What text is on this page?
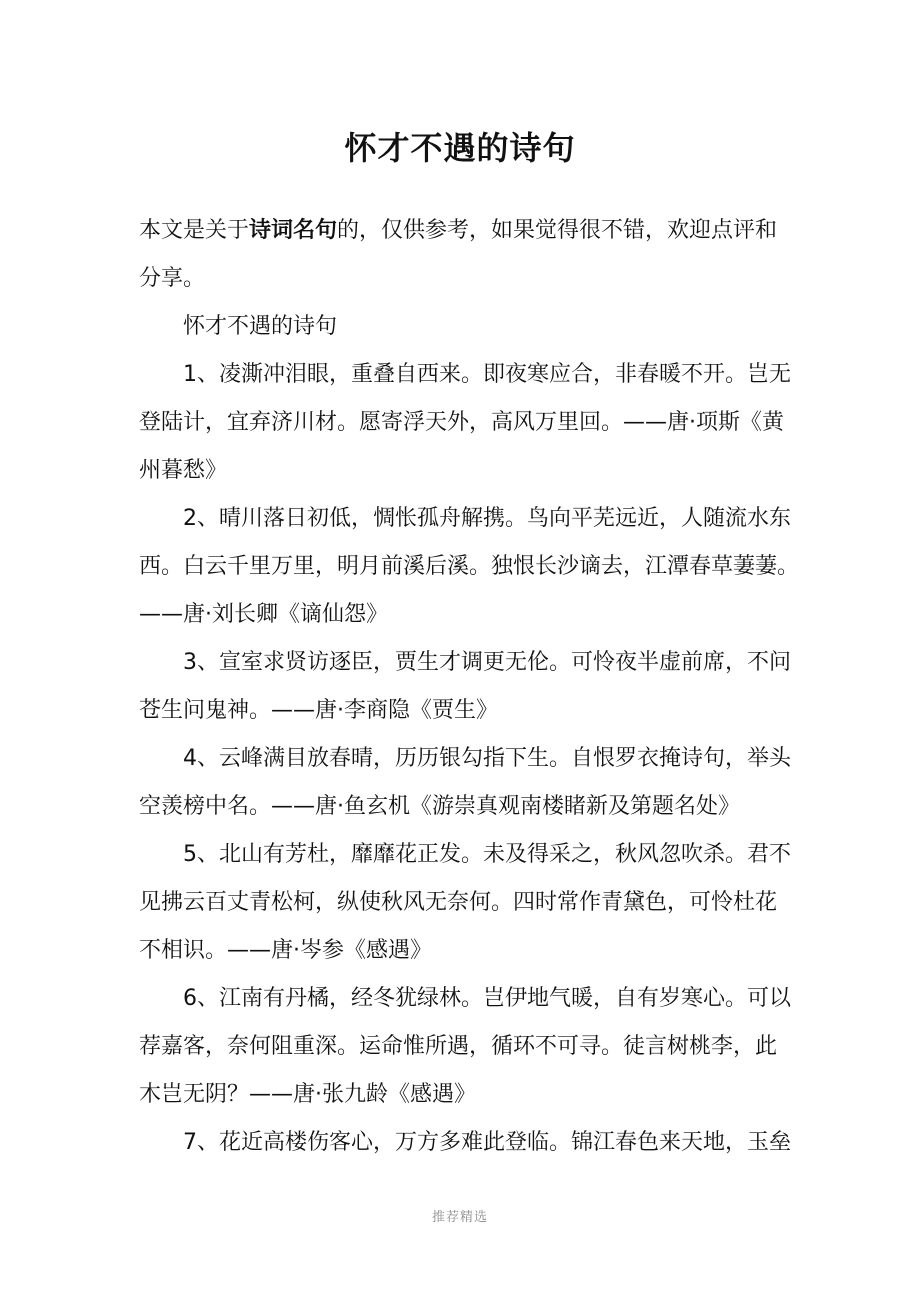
怀才不遇的诗句
本文是关于诗词名句的，仅供参考，如果觉得很不错，欢迎点评和
分享。
怀才不遇的诗句
1、凌澌冲泪眼，重叠自西来。即夜寒应合，非春暖不开。岂无
登陆计，宜弃济川材。愿寄浮天外，高风万里回。——唐·项斯《黄
州暮愁》
2、晴川落日初低，惆怅孤舟解携。鸟向平芜远近，人随流水东
西。白云千里万里，明月前溪后溪。独恨长沙谪去，江潭春草萋萋。
——唐·刘长卿《谪仙怨》
3、宣室求贤访逐臣，贾生才调更无伦。可怜夜半虚前席，不问
苍生问鬼神。——唐·李商隐《贾生》
4、云峰满目放春晴，历历银勾指下生。自恨罗衣掩诗句，举头
空羡榜中名。——唐·鱼玄机《游崇真观南楼睹新及第题名处》
5、北山有芳杜，靡靡花正发。未及得采之，秋风忽吹杀。君不
见拂云百丈青松柯，纵使秋风无奈何。四时常作青黛色，可怜杜花
不相识。——唐·岑参《感遇》
6、江南有丹橘，经冬犹绿林。岂伊地气暖，自有岁寒心。可以
荐嘉客，奈何阻重深。运命惟所遇，循环不可寻。徒言树桃李，此
木岂无阴？——唐·张九龄《感遇》
7、花近高楼伤客心，万方多难此登临。锦江春色来天地，玉垒
推荐精选
